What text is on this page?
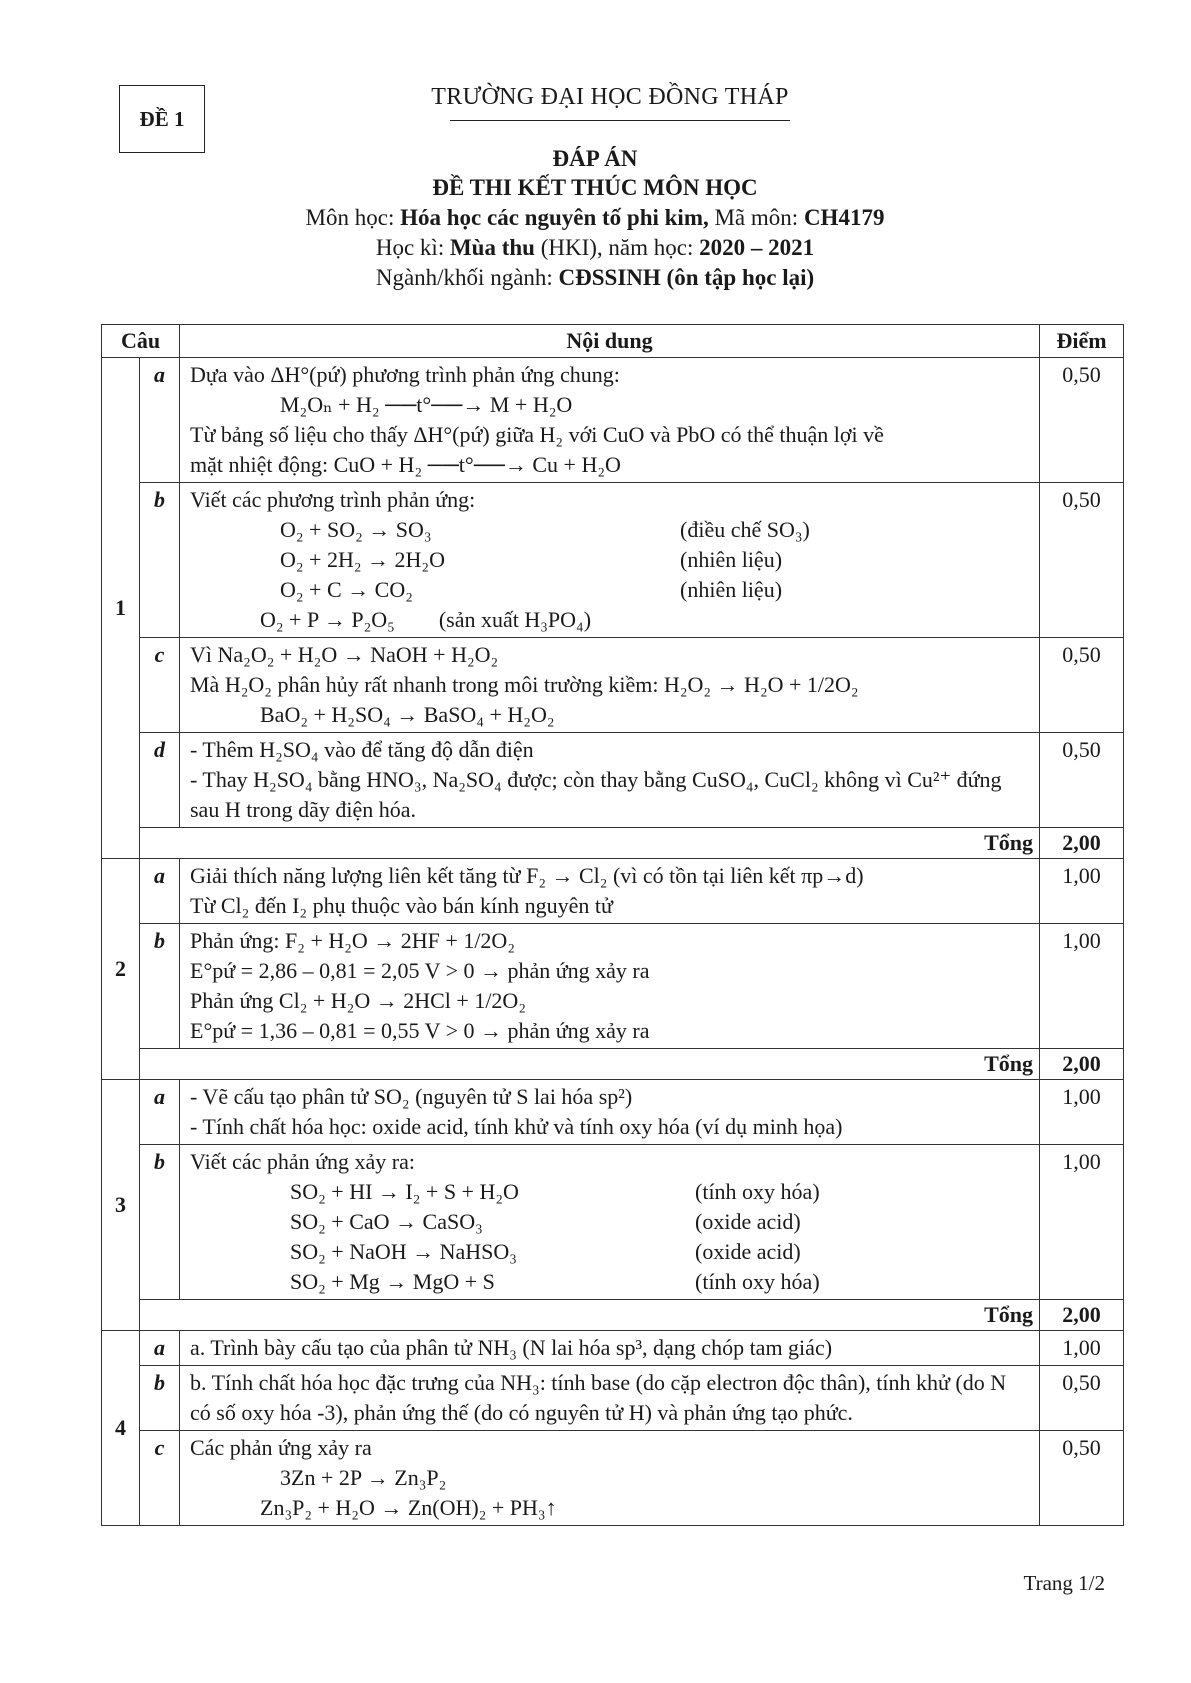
ĐỀ 1
TRƯỜNG ĐẠI HỌC ĐỒNG THÁP
ĐÁP ÁN
ĐỀ THI KẾT THÚC MÔN HỌC
Môn học: Hóa học các nguyên tố phi kim, Mã môn: CH4179
Học kì: Mùa thu (HKI), năm học: 2020 – 2021
Ngành/khối ngành: CĐSSINH (ôn tập học lại)
Câu		Nội dung	Điểm
1	a	Dựa vào ΔH°(pứ) phương trình phản ứng chung:
M₂Oₙ + H₂ ──t°──→ M + H₂O
Từ bảng số liệu cho thấy ΔH°(pứ) giữa H₂ với CuO và PbO có thể thuận lợi về
mặt nhiệt động: CuO + H₂ ──t°──→ Cu + H₂O	0,50
	b	Viết các phương trình phản ứng:
O₂ + SO₂ → SO₃ (điều chế SO₃)
O₂ + 2H₂ → 2H₂O (nhiên liệu)
O₂ + C → CO₂ (nhiên liệu)
O₂ + P → P₂O₅        (sản xuất H₃PO₄)	0,50
	c	Vì Na₂O₂ + H₂O → NaOH + H₂O₂
Mà H₂O₂ phân hủy rất nhanh trong môi trường kiềm: H₂O₂ → H₂O + 1/2O₂
BaO₂ + H₂SO₄ → BaSO₄ + H₂O₂	0,50
	d	- Thêm H₂SO₄ vào để tăng độ dẫn điện
- Thay H₂SO₄ bằng HNO₃, Na₂SO₄ được; còn thay bằng CuSO₄, CuCl₂ không vì Cu²⁺ đứng sau H trong dãy điện hóa.	0,50
	Tổng		2,00
2	a	Giải thích năng lượng liên kết tăng từ F₂ → Cl₂ (vì có tồn tại liên kết πp→d)
Từ Cl₂ đến I₂ phụ thuộc vào bán kính nguyên tử	1,00
	b	Phản ứng: F₂ + H₂O → 2HF + 1/2O₂
E°pứ = 2,86 – 0,81 = 2,05 V > 0 → phản ứng xảy ra
Phản ứng Cl₂ + H₂O → 2HCl + 1/2O₂
E°pứ = 1,36 – 0,81 = 0,55 V > 0 → phản ứng xảy ra	1,00
	Tổng		2,00
3	a	- Vẽ cấu tạo phân tử SO₂ (nguyên tử S lai hóa sp²)
- Tính chất hóa học: oxide acid, tính khử và tính oxy hóa (ví dụ minh họa)	1,00
	b	Viết các phản ứng xảy ra:
SO₂ + HI → I₂ + S + H₂O (tính oxy hóa)
SO₂ + CaO → CaSO₃ (oxide acid)
SO₂ + NaOH → NaHSO₃ (oxide acid)
SO₂ + Mg → MgO + S (tính oxy hóa)	1,00
	Tổng		2,00
4	a	a. Trình bày cấu tạo của phân tử NH₃ (N lai hóa sp³, dạng chóp tam giác)	1,00
	b	b. Tính chất hóa học đặc trưng của NH₃: tính base (do cặp electron độc thân), tính khử (do N có số oxy hóa -3), phản ứng thế (do có nguyên tử H) và phản ứng tạo phức.	0,50
	c	Các phản ứng xảy ra
3Zn + 2P → Zn₃P₂
Zn₃P₂ + H₂O → Zn(OH)₂ + PH₃↑	0,50
Trang 1/2
